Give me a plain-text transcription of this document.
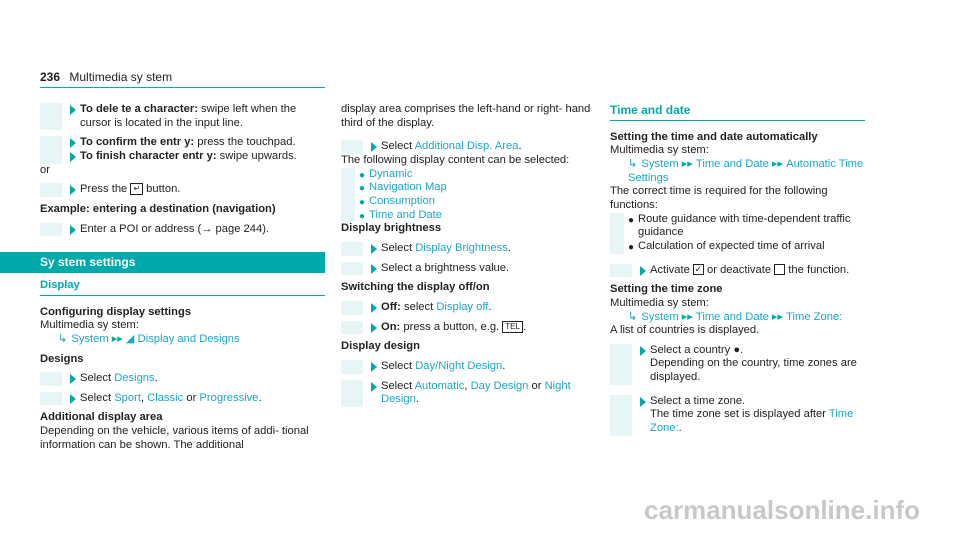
236 Multimedia sy stem
To dele te a character: swipe left when the cursor is located in the input line.
To confirm the entr y: press the touchpad.
To finish character entr y: swipe upwards.
or
Press the ↵ button.
Example: entering a destination (navigation)
Enter a POI or address (→ page 244).
Sy stem settings
Display
Configuring display settings
Multimedia sy stem:
↳ System ▸▸ ◢ Display and Designs
Designs
Select Designs.
Select Sport, Classic or Progressive.
Additional display area
Depending on the vehicle, various items of addi- tional information can be shown. The additional
display area comprises the left-hand or right- hand third of the display.
Select Additional Disp. Area.
The following display content can be selected:
● Dynamic
● Navigation Map
● Consumption
● Time and Date
Display brightness
Select Display Brightness.
Select a brightness value.
Switching the display off/on
Off: select Display off.
On: press a button, e.g. TEL .
Display design
Select Day/Night Design.
Select Automatic, Day Design or Night Design.
Time and date
Setting the time and date automatically
Multimedia sy stem:
↳ System ▸▸ Time and Date ▸▸ Automatic Time Settings
The correct time is required for the following functions:
● Route guidance with time-dependent traffic guidance
● Calculation of expected time of arrival
Activate ✓ or deactivate  the function.
Setting the time zone
Multimedia sy stem:
↳ System ▸▸ Time and Date ▸▸ Time Zone:
A list of countries is displayed.
Select a country ●.
Depending on the country, time zones are displayed.
Select a time zone.
The time zone set is displayed after Time Zone:.
carmanualsonline.info
